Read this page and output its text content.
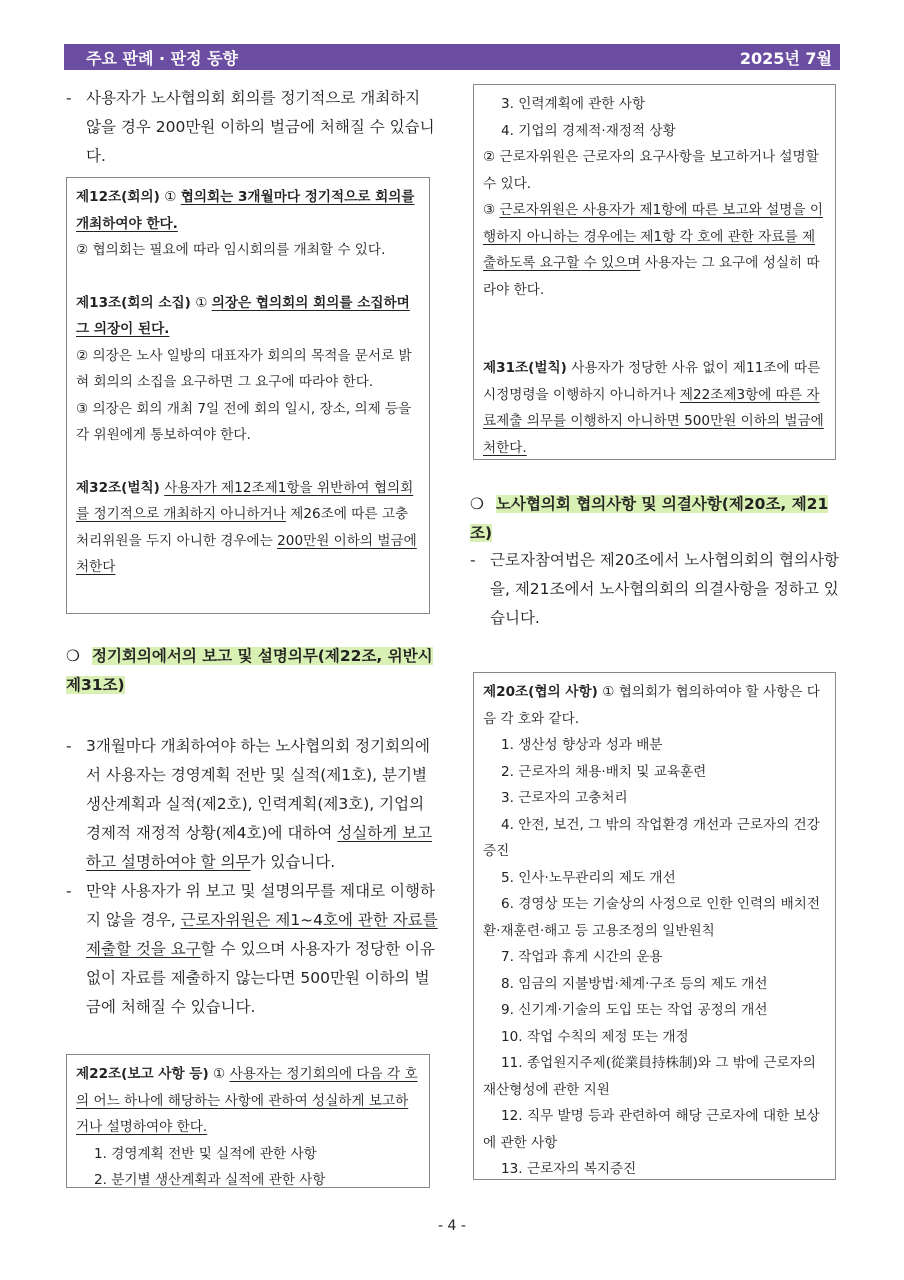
주요 판례 · 판정 동향	2025년 7월
- 사용자가 노사협의회 회의를 정기적으로 개최하지 않을 경우 200만원 이하의 벌금에 처해질 수 있습니다.

제12조(회의) ① 협의회는 3개월마다 정기적으로 회의를 개최하여야 한다.

② 협의회는 필요에 따라 임시회의를 개최할 수 있다.

제13조(회의 소집) ① 의장은 협의회의 회의를 소집하며 그 의장이 된다.

② 의장은 노사 일방의 대표자가 회의의 목적을 문서로 밝혀 회의의 소집을 요구하면 그 요구에 따라야 한다.

③ 의장은 회의 개최 7일 전에 회의 일시, 장소, 의제 등을 각 위원에게 통보하여야 한다.

제32조(벌칙) 사용자가 제12조제1항을 위반하여 협의회를 정기적으로 개최하지 아니하거나 제26조에 따른 고충처리위원을 두지 아니한 경우에는 200만원 이하의 벌금에 처한다

❍ 정기회의에서의 보고 및 설명의무(제22조, 위반시 제31조)
- 3개월마다 개최하여야 하는 노사협의회 정기회의에서 사용자는 경영계획 전반 및 실적(제1호), 분기별 생산계획과 실적(제2호), 인력계획(제3호), 기업의 경제적 재정적 상황(제4호)에 대하여 성실하게 보고하고 설명하여야 할 의무가 있습니다.
- 만약 사용자가 위 보고 및 설명의무를 제대로 이행하지 않을 경우, 근로자위원은 제1~4호에 관한 자료를 제출할 것을 요구할 수 있으며 사용자가 정당한 이유 없이 자료를 제출하지 않는다면 500만원 이하의 벌금에 처해질 수 있습니다.

제22조(보고 사항 등) ① 사용자는 정기회의에 다음 각 호의 어느 하나에 해당하는 사항에 관하여 성실하게 보고하거나 설명하여야 한다.

1. 경영계획 전반 및 실적에 관한 사항

2. 분기별 생산계획과 실적에 관한 사항

3. 인력계획에 관한 사항

4. 기업의 경제적·재정적 상황

② 근로자위원은 근로자의 요구사항을 보고하거나 설명할 수 있다.

③ 근로자위원은 사용자가 제1항에 따른 보고와 설명을 이행하지 아니하는 경우에는 제1항 각 호에 관한 자료를 제출하도록 요구할 수 있으며 사용자는 그 요구에 성실히 따라야 한다.

제31조(벌칙) 사용자가 정당한 사유 없이 제11조에 따른 시정명령을 이행하지 아니하거나 제22조제3항에 따른 자료제출 의무를 이행하지 아니하면 500만원 이하의 벌금에 처한다.

❍ 노사협의회 협의사항 및 의결사항(제20조, 제21조)
- 근로자참여법은 제20조에서 노사협의회의 협의사항을, 제21조에서 노사협의회의 의결사항을 정하고 있습니다.

제20조(협의 사항) ① 협의회가 협의하여야 할 사항은 다음 각 호와 같다.

1. 생산성 향상과 성과 배분

2. 근로자의 채용·배치 및 교육훈련

3. 근로자의 고충처리

4. 안전, 보건, 그 밖의 작업환경 개선과 근로자의 건강증진

5. 인사·노무관리의 제도 개선

6. 경영상 또는 기술상의 사정으로 인한 인력의 배치전환·재훈련·해고 등 고용조정의 일반원칙

7. 작업과 휴게 시간의 운용

8. 임금의 지불방법·체계·구조 등의 제도 개선

9. 신기계·기술의 도입 또는 작업 공정의 개선

10. 작업 수칙의 제정 또는 개정

11. 종업원지주제(從業員持株制)와 그 밖에 근로자의 재산형성에 관한 지원

12. 직무 발명 등과 관련하여 해당 근로자에 대한 보상에 관한 사항

13. 근로자의 복지증진

- 4 -
